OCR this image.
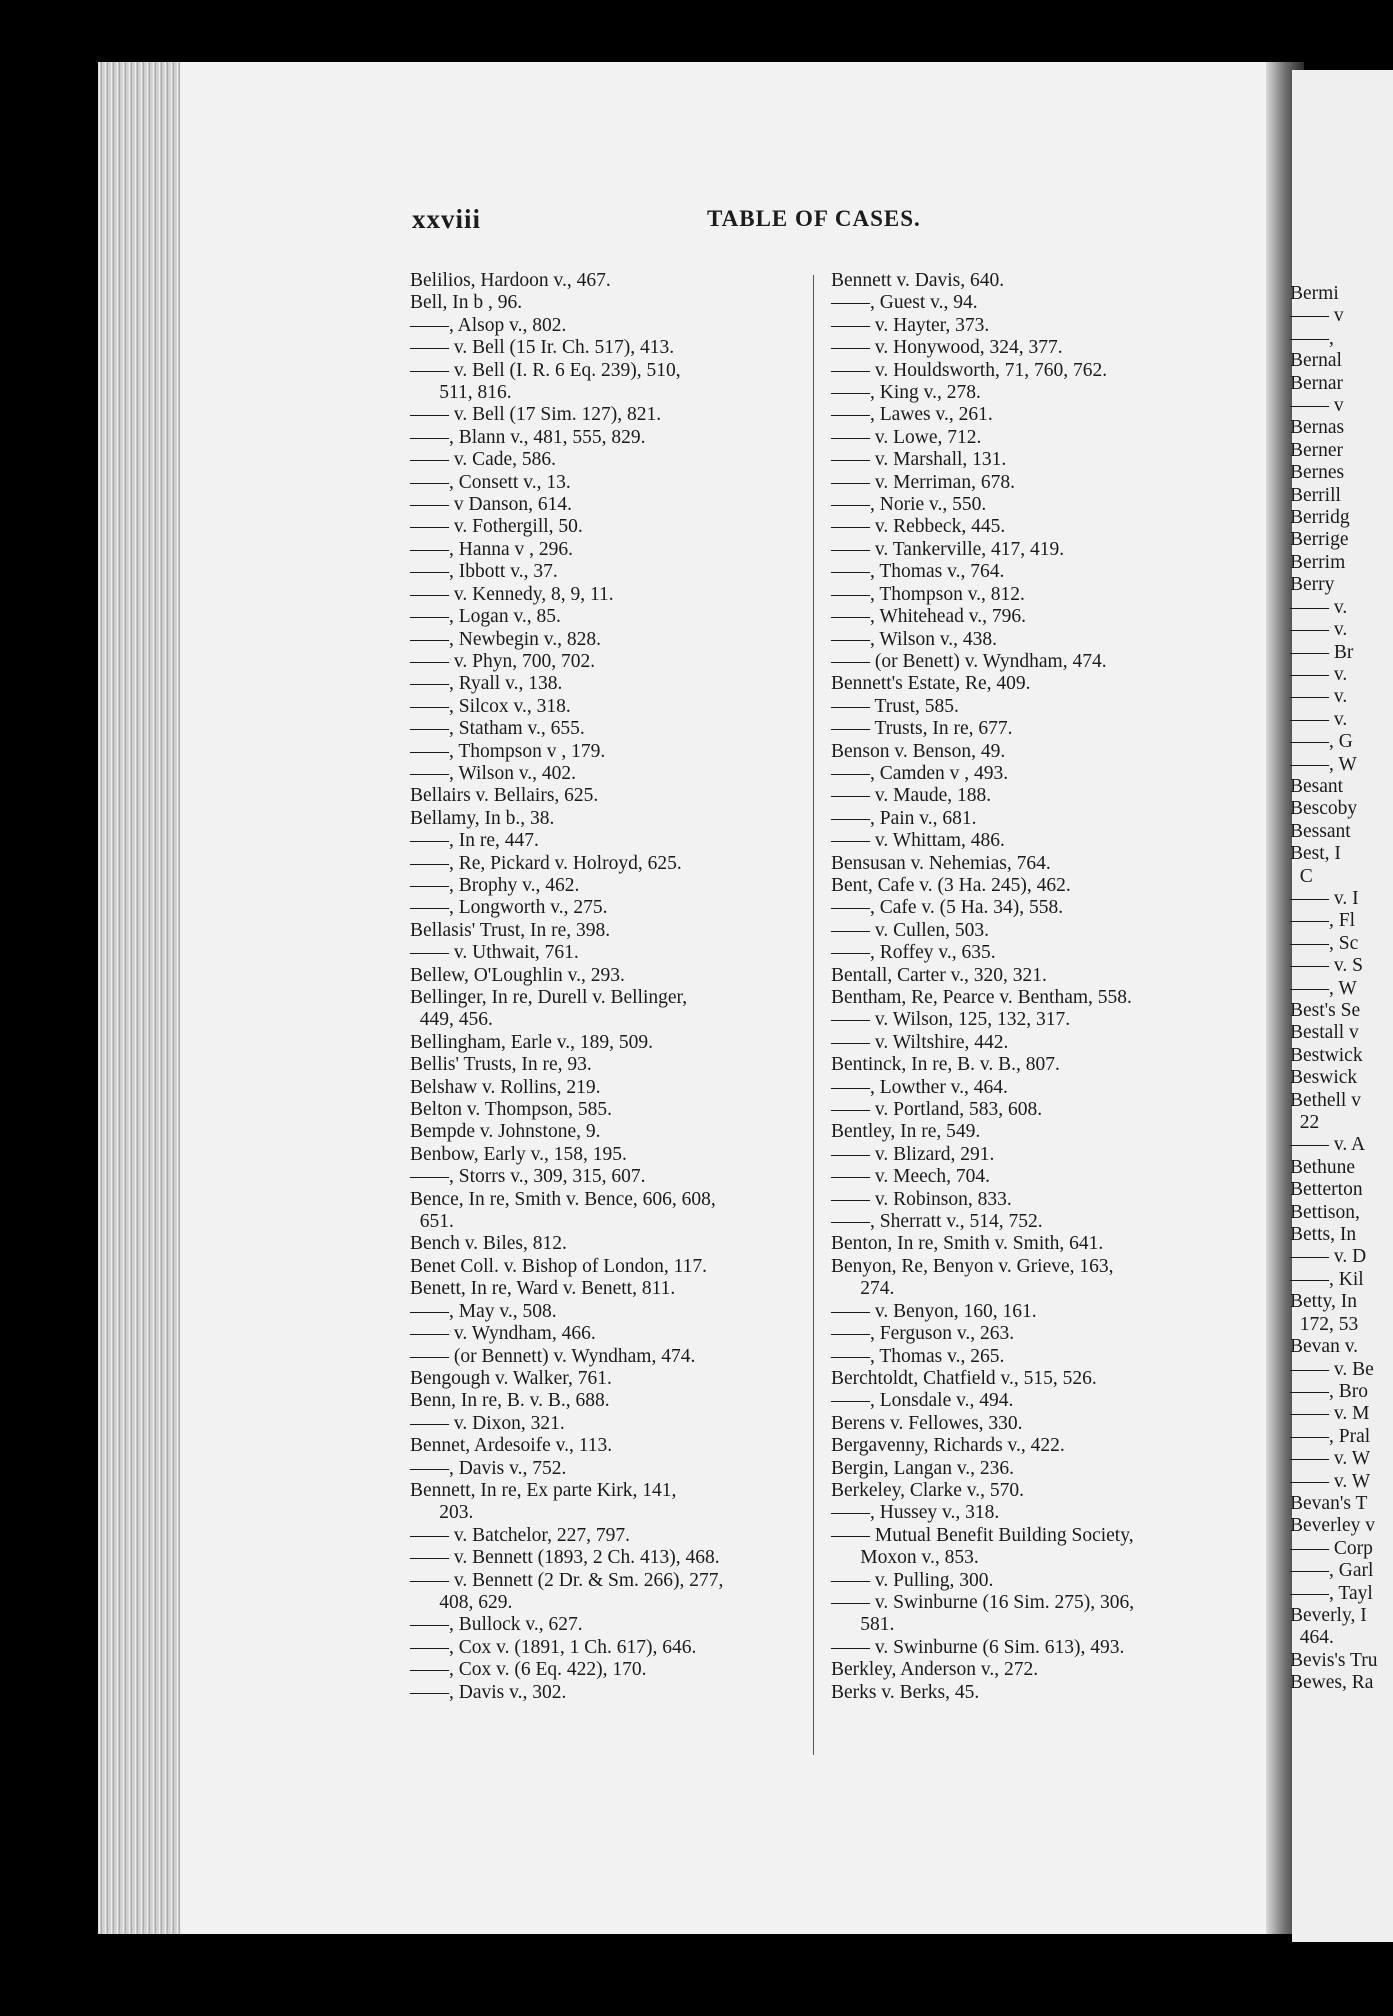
xxviii	TABLE OF CASES.
Belilios, Hardoon v., 467.
Bell, In b , 96.
——, Alsop v., 802.
—— v. Bell (15 Ir. Ch. 517), 413.
—— v. Bell (I. R. 6 Eq. 239), 510,
511, 816.
—— v. Bell (17 Sim. 127), 821.
——, Blann v., 481, 555, 829.
—— v. Cade, 586.
——, Consett v., 13.
—— v Danson, 614.
—— v. Fothergill, 50.
——, Hanna v , 296.
——, Ibbott v., 37.
—— v. Kennedy, 8, 9, 11.
——, Logan v., 85.
——, Newbegin v., 828.
—— v. Phyn, 700, 702.
——, Ryall v., 138.
——, Silcox v., 318.
——, Statham v., 655.
——, Thompson v , 179.
——, Wilson v., 402.
Bellairs v. Bellairs, 625.
Bellamy, In b., 38.
——, In re, 447.
——, Re, Pickard v. Holroyd, 625.
——, Brophy v., 462.
——, Longworth v., 275.
Bellasis' Trust, In re, 398.
—— v. Uthwait, 761.
Bellew, O'Loughlin v., 293.
Bellinger, In re, Durell v. Bellinger,
449, 456.
Bellingham, Earle v., 189, 509.
Bellis' Trusts, In re, 93.
Belshaw v. Rollins, 219.
Belton v. Thompson, 585.
Bempde v. Johnstone, 9.
Benbow, Early v., 158, 195.
——, Storrs v., 309, 315, 607.
Bence, In re, Smith v. Bence, 606, 608,
651.
Bench v. Biles, 812.
Benet Coll. v. Bishop of London, 117.
Benett, In re, Ward v. Benett, 811.
——, May v., 508.
—— v. Wyndham, 466.
—— (or Bennett) v. Wyndham, 474.
Bengough v. Walker, 761.
Benn, In re, B. v. B., 688.
—— v. Dixon, 321.
Bennet, Ardesoife v., 113.
——, Davis v., 752.
Bennett, In re, Ex parte Kirk, 141,
203.
—— v. Batchelor, 227, 797.
—— v. Bennett (1893, 2 Ch. 413), 468.
—— v. Bennett (2 Dr. & Sm. 266), 277,
408, 629.
——, Bullock v., 627.
——, Cox v. (1891, 1 Ch. 617), 646.
——, Cox v. (6 Eq. 422), 170.
——, Davis v., 302.
Bennett v. Davis, 640.
——, Guest v., 94.
—— v. Hayter, 373.
—— v. Honywood, 324, 377.
—— v. Houldsworth, 71, 760, 762.
——, King v., 278.
——, Lawes v., 261.
—— v. Lowe, 712.
—— v. Marshall, 131.
—— v. Merriman, 678.
——, Norie v., 550.
—— v. Rebbeck, 445.
—— v. Tankerville, 417, 419.
——, Thomas v., 764.
——, Thompson v., 812.
——, Whitehead v., 796.
——, Wilson v., 438.
—— (or Benett) v. Wyndham, 474.
Bennett's Estate, Re, 409.
—— Trust, 585.
—— Trusts, In re, 677.
Benson v. Benson, 49.
——, Camden v , 493.
—— v. Maude, 188.
——, Pain v., 681.
—— v. Whittam, 486.
Bensusan v. Nehemias, 764.
Bent, Cafe v. (3 Ha. 245), 462.
——, Cafe v. (5 Ha. 34), 558.
—— v. Cullen, 503.
——, Roffey v., 635.
Bentall, Carter v., 320, 321.
Bentham, Re, Pearce v. Bentham, 558.
—— v. Wilson, 125, 132, 317.
—— v. Wiltshire, 442.
Bentinck, In re, B. v. B., 807.
——, Lowther v., 464.
—— v. Portland, 583, 608.
Bentley, In re, 549.
—— v. Blizard, 291.
—— v. Meech, 704.
—— v. Robinson, 833.
——, Sherratt v., 514, 752.
Benton, In re, Smith v. Smith, 641.
Benyon, Re, Benyon v. Grieve, 163,
274.
—— v. Benyon, 160, 161.
——, Ferguson v., 263.
——, Thomas v., 265.
Berchtoldt, Chatfield v., 515, 526.
——, Lonsdale v., 494.
Berens v. Fellowes, 330.
Bergavenny, Richards v., 422.
Bergin, Langan v., 236.
Berkeley, Clarke v., 570.
——, Hussey v., 318.
—— Mutual Benefit Building Society,
Moxon v., 853.
—— v. Pulling, 300.
—— v. Swinburne (16 Sim. 275), 306,
581.
—— v. Swinburne (6 Sim. 613), 493.
Berkley, Anderson v., 272.
Berks v. Berks, 45.
Bermi
—— v
——,
Bernal
Bernar
—— v
Bernas
Berner
Bernes
Berrill
Berridg
Berrige
Berrim
Berry
—— v.
—— v.
—— Br
—— v.
—— v.
—— v.
——, G
——, W
Besant
Bescoby
Bessant
Best, I
C
—— v. I
——, Fl
——, Sc
—— v. S
——, W
Best's Se
Bestall v
Bestwick
Beswick
Bethell v
22
—— v. A
Bethune
Betterton
Bettison,
Betts, In
—— v. D
——, Kil
Betty, In
172, 53
Bevan v.
—— v. Be
——, Bro
—— v. M
——, Pral
—— v. W
—— v. W
Bevan's T
Beverley v
—— Corp
——, Garl
——, Tayl
Beverly, I
464.
Bevis's Tru
Bewes, Ra
